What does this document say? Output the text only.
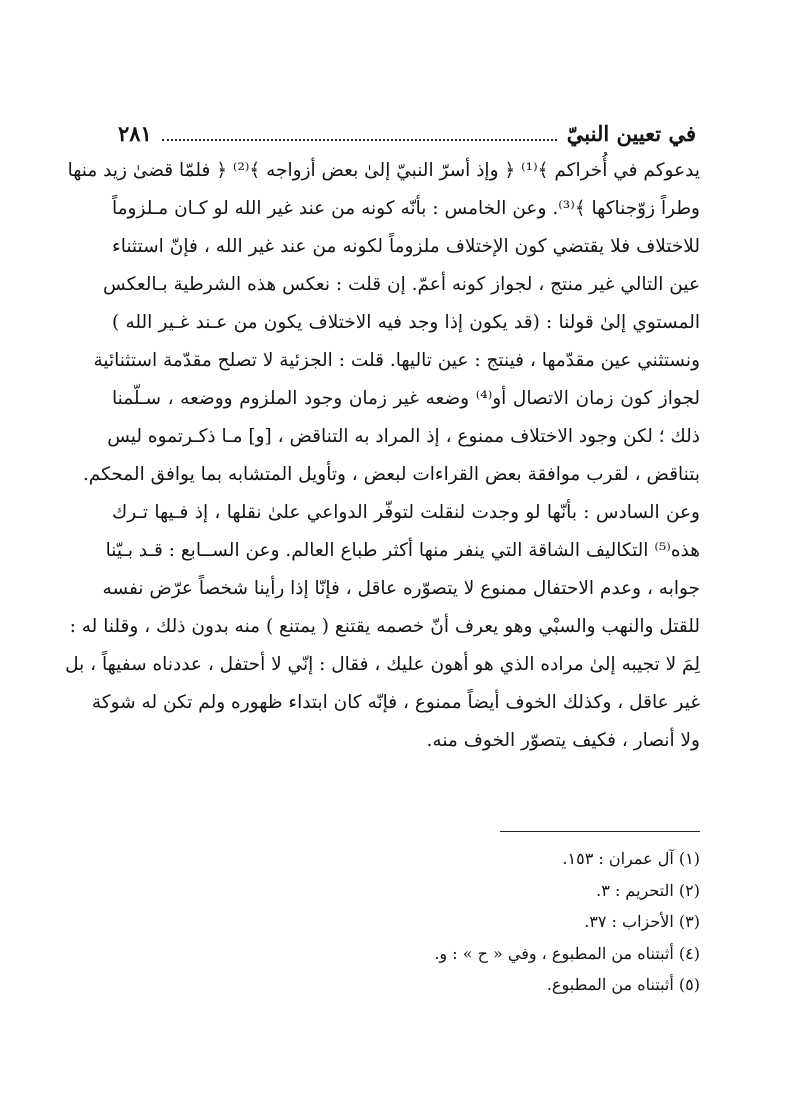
في تعيين النبيّ
٢٨١
يدعوكم في أُخراكم ﴾⁽¹⁾ ﴿ وإذ أسرّ النبيّ إلىٰ بعض أزواجه ﴾⁽²⁾ ﴿ فلمّا قضىٰ زيد منها
وطراً زوّجناكها ﴾⁽³⁾. وعن الخامس : بأنّه كونه من عند غير الله لو كـان مـلزوماً
للاختلاف فلا يقتضي كون الإختلاف ملزوماً لكونه من عند غير الله ، فإنّ استثناء
عين التالي غير منتج ، لجواز كونه أعمّ. إن قلت : نعكس هذه الشرطية بـالعكس
المستوي إلىٰ قولنا : (قد يكون إذا وجد فيه الاختلاف يكون من عـند غـير الله )
ونستثني عين مقدّمها ، فينتج : عين تاليها. قلت : الجزئية لا تصلح مقدّمة استثنائية
لجواز كون زمان الاتصال أو⁽⁴⁾ وضعه غير زمان وجود الملزوم ووضعه ، سـلّمنا
ذلك ؛ لكن وجود الاختلاف ممنوع ، إذ المراد به التناقض ، [و] مـا ذكـرتموه ليس
بتناقض ، لقرب موافقة بعض القراءات لبعض ، وتأويل المتشابه بما يوافق المحكم.
وعن السادس : بأنّها لو وجدت لنقلت لتوفّر الدواعي علىٰ نقلها ، إذ فـيها تـرك
هذه⁽⁵⁾ التكاليف الشاقة التي ينفر منها أكثر طباع العالم. وعن الســابع : قـد بـيّنا
جوابه ، وعدم الاحتفال ممنوع لا يتصوّره عاقل ، فإنّا إذا رأينا شخصاً عرّض نفسه
للقتل والنهب والسبْي وهو يعرف أنّ خصمه يقتنع ( يمتنع ) منه بدون ذلك ، وقلنا له :
لِمَ لا تجيبه إلىٰ مراده الذي هو أهون عليك ، فقال : إنّي لا أحتفل ، عددناه سفيهاً ، بل
غير عاقل ، وكذلك الخوف أيضاً ممنوع ، فإنّه كان ابتداء ظهوره ولم تكن له شوكة
ولا أنصار ، فكيف يتصوّر الخوف منه.
(١) آل عمران : ١٥٣.
(٢) التحريم : ٣.
(٣) الأحزاب : ٣٧.
(٤) أثبتناه من المطبوع ، وفي « ح » : و.
(٥) أثبتناه من المطبوع.
